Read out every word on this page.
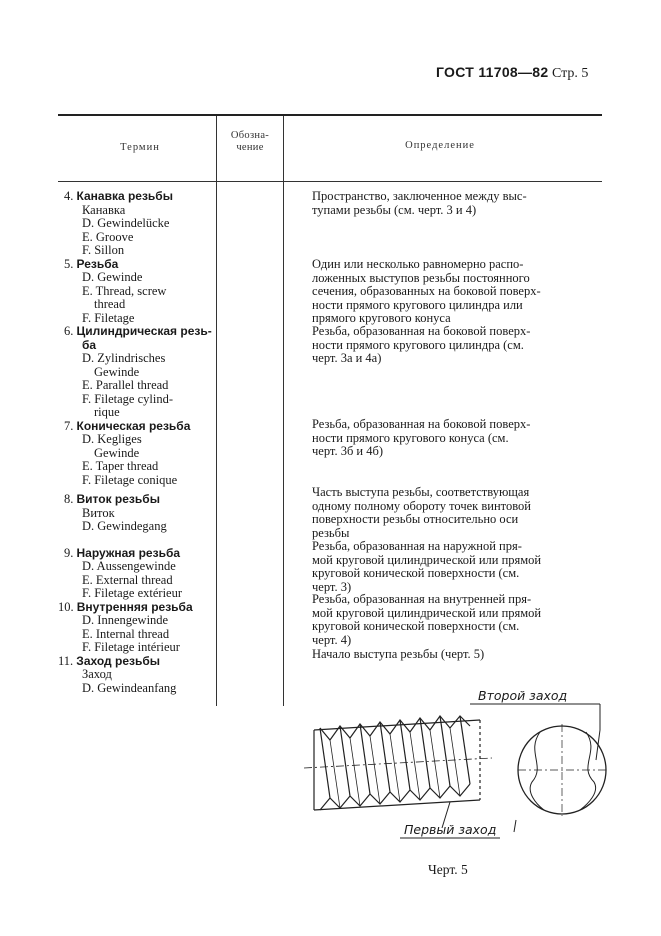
ГОСТ 11708—82 Стр. 5
Термин
Обозна-
чение	Определение
4. Канавка резьбы
Канавка
D. Gewindelücke
E. Groove
F. Sillon
5. Резьба
D. Gewinde
E. Thread, screw
thread
F. Filetage
6. Цилиндрическая резь-
ба
D. Zylindrisches
Gewinde
E. Parallel thread
F. Filetage cylind-
rique
7. Коническая резьба
D. Kegliges
Gewinde
E. Taper thread
F. Filetage conique
8. Виток резьбы
Виток
D. Gewindegang
9. Наружная резьба
D. Aussengewinde
E. External thread
F. Filetage extérieur
10. Внутренняя резьба
D. Innengewinde
E. Internal thread
F. Filetage intérieur
11. Заход резьбы
Заход
D. Gewindeanfang

Пространство, заключенное между выс-

тупами резьбы (см. черт. 3 и 4)

Один или несколько равномерно распо-

ложенных выступов резьбы постоянного

сечения, образованных на боковой поверх-

ности прямого кругового цилиндра или

прямого кругового конуса

Резьба, образованная на боковой поверх-

ности прямого кругового цилиндра (см.

черт. 3а и 4а)

Резьба, образованная на боковой поверх-

ности прямого кругового конуса (см.

черт. 3б и 4б)

Часть выступа резьбы, соответствующая

одному полному обороту точек винтовой

поверхности резьбы относительно оси

резьбы

Резьба, образованная на наружной пря-

мой круговой цилиндрической или прямой

круговой конической поверхности (см.

черт. 3)

Резьба, образованная на внутренней пря-

мой круговой цилиндрической или прямой

круговой конической поверхности (см.

черт. 4)

Начало выступа резьбы (черт. 5)

Второй заход
Первый заход
Черт. 5
